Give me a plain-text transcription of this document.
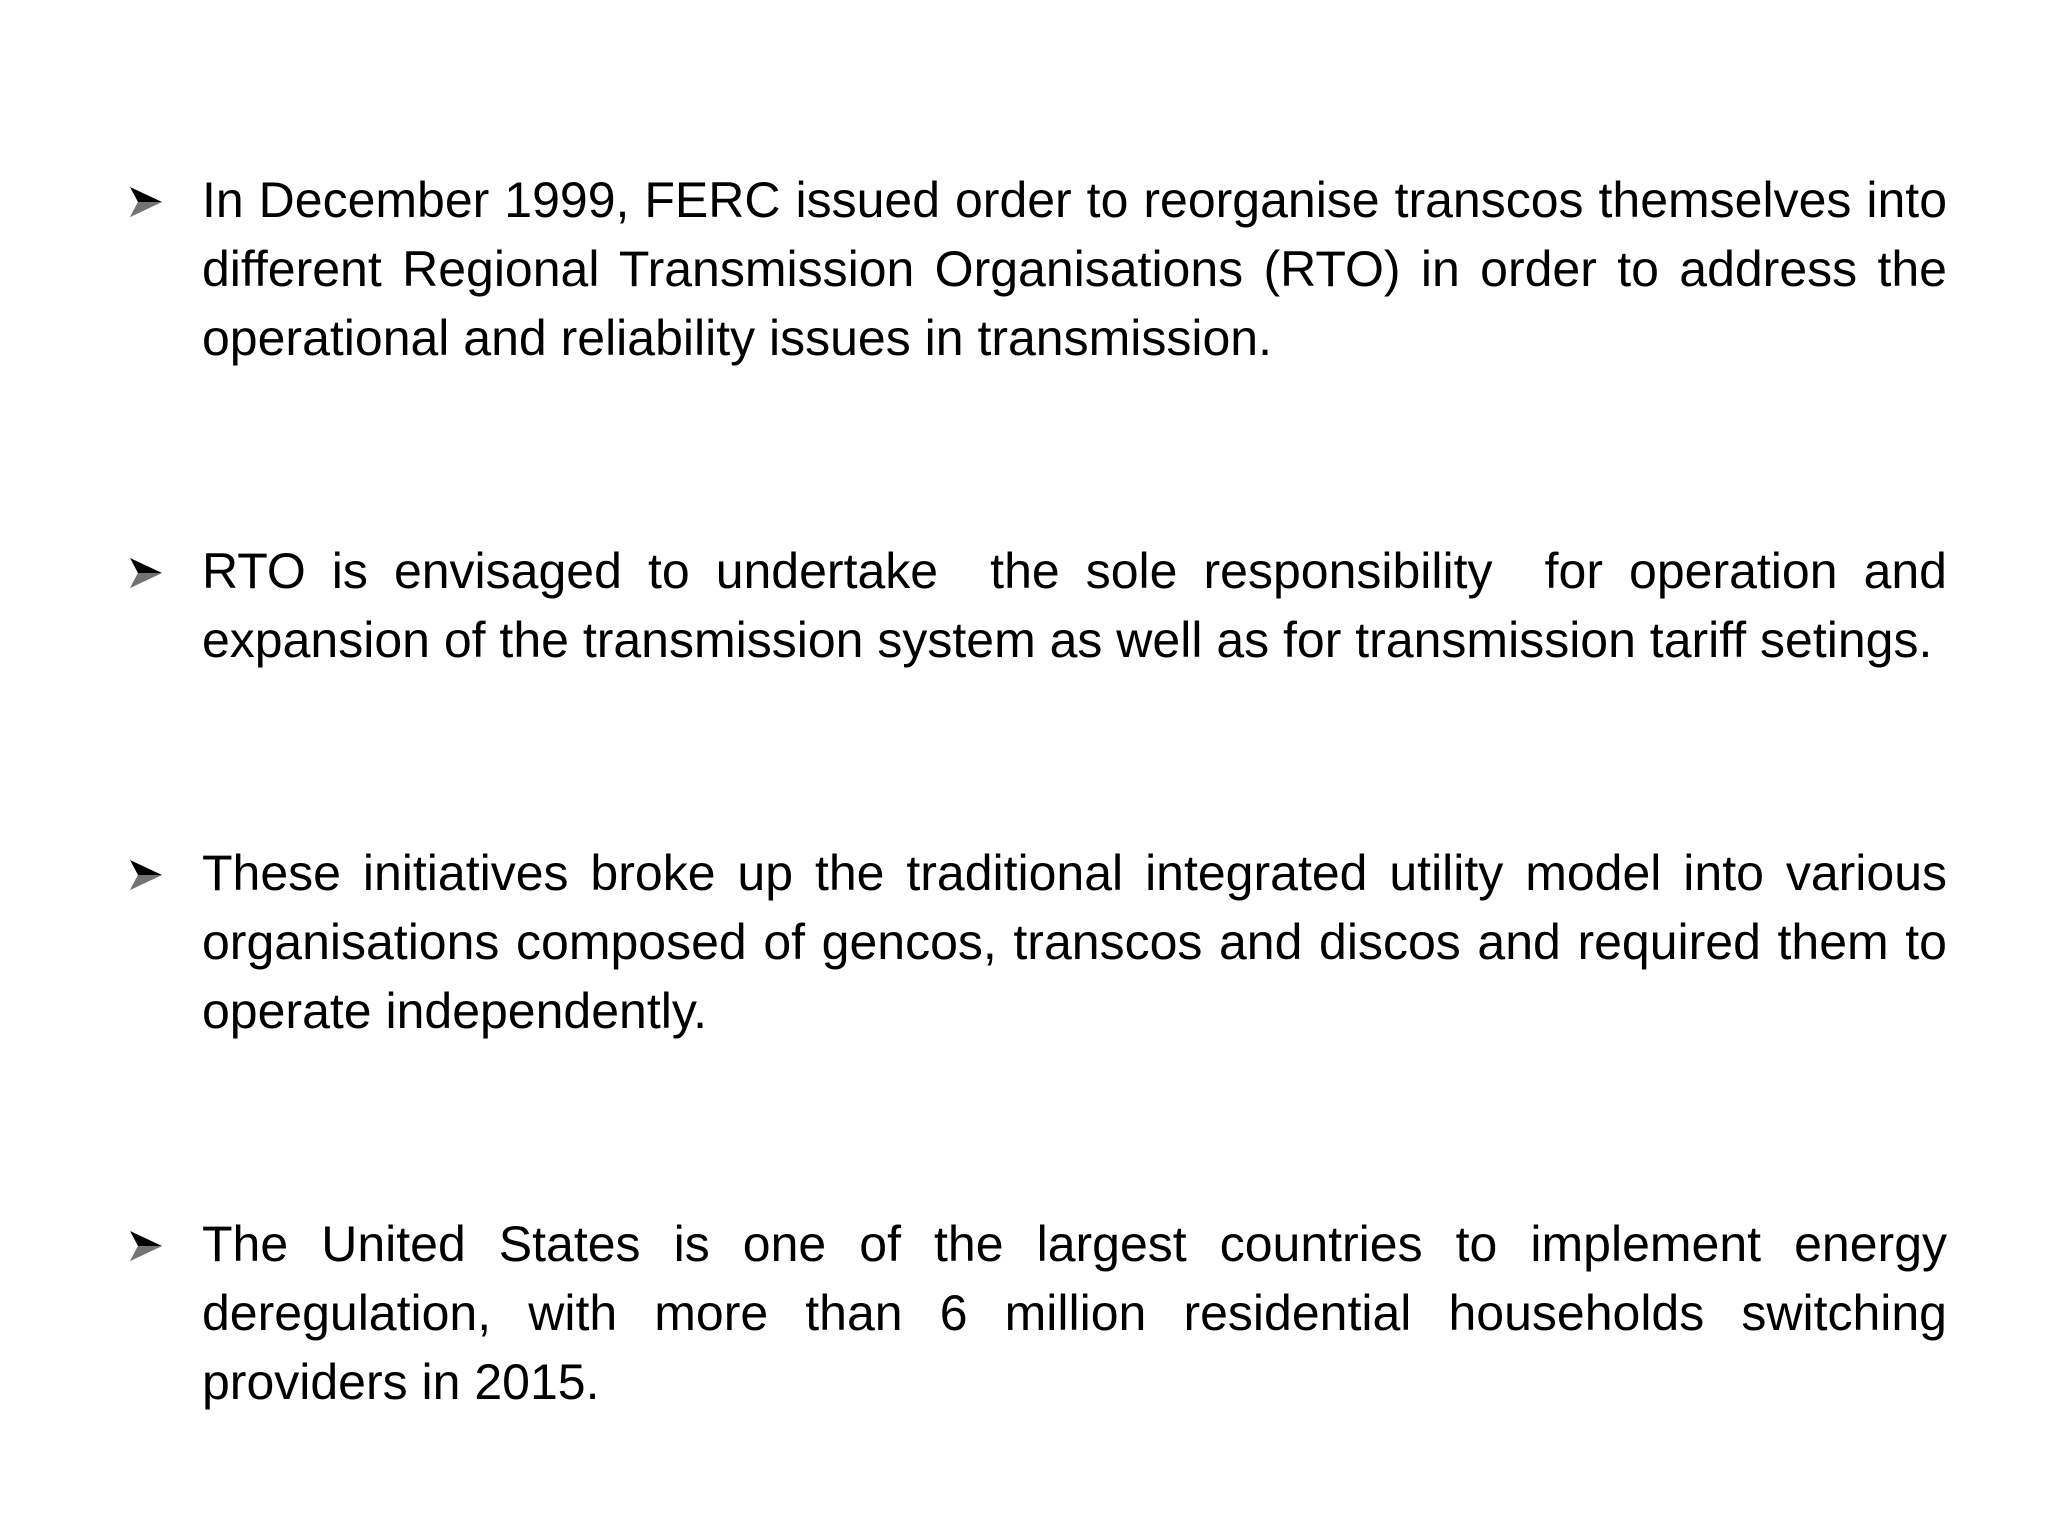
In December 1999, FERC issued order to reorganise transcos themselves into different Regional Transmission Organisations (RTO) in order to address the operational and reliability issues in transmission.
RTO is envisaged to undertake  the sole responsibility  for operation and expansion of the transmission system as well as for transmission tariff setings.
These initiatives broke up the traditional integrated utility model into various organisations composed of gencos, transcos and discos and required them to operate independently.
The United States is one of the largest countries to implement energy deregulation, with more than 6 million residential households switching providers in 2015.
